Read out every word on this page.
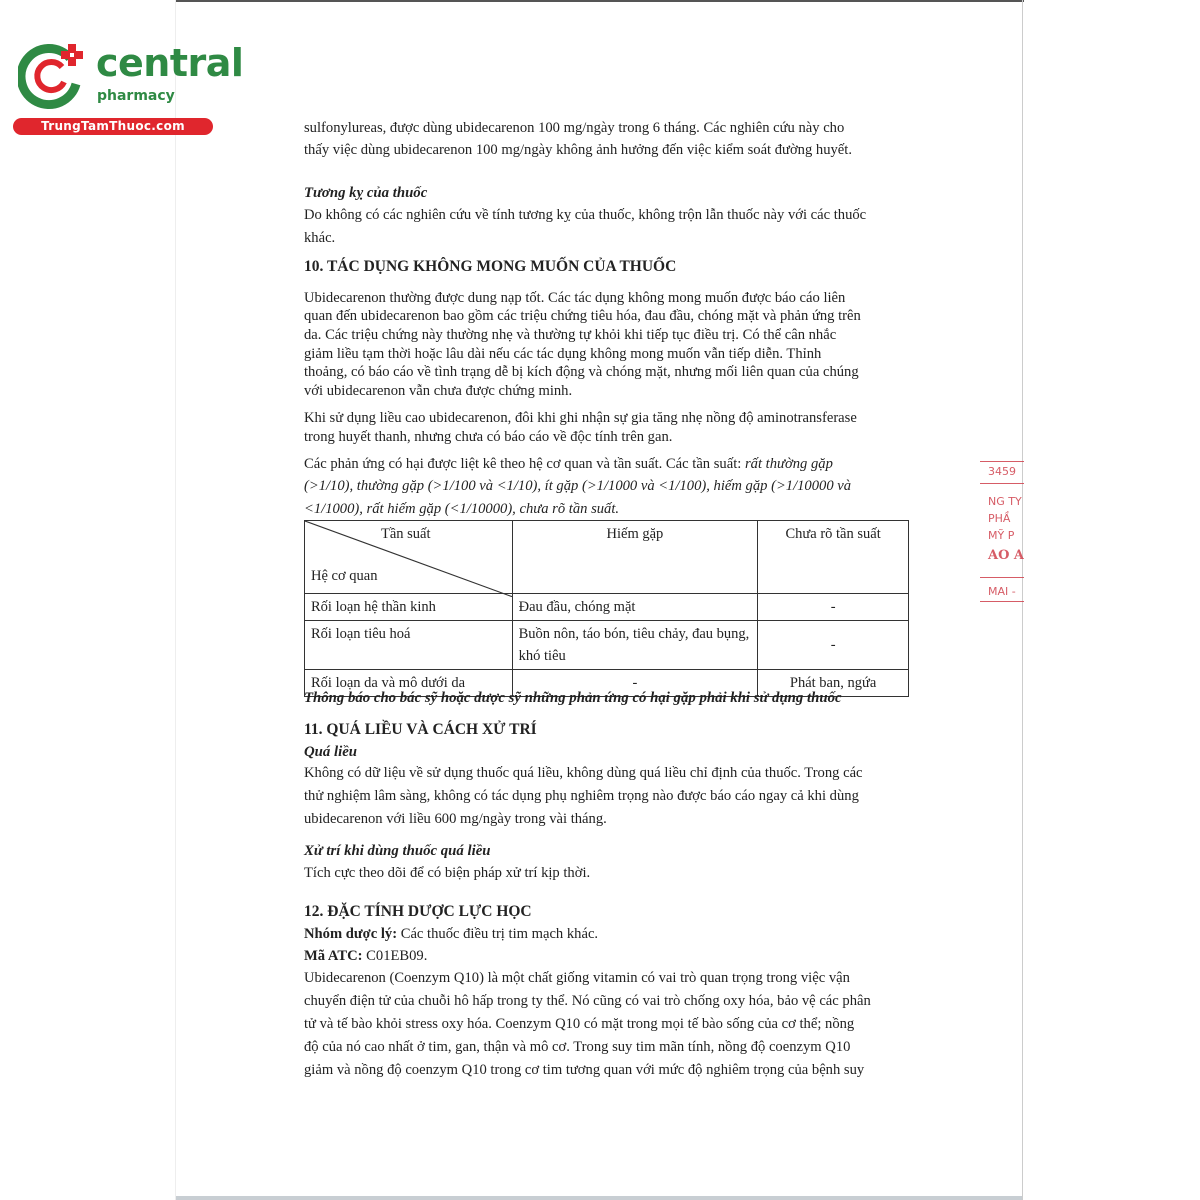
central
pharmacy
TrungTamThuoc.com
3459
NG TY
PHẦ
MỸ P
AO A
MAI -
sulfonylureas, được dùng ubidecarenon 100 mg/ngày trong 6 tháng. Các nghiên cứu này cho
thấy việc dùng ubidecarenon 100 mg/ngày không ảnh hưởng đến việc kiểm soát đường huyết.
Tương kỵ của thuốc
Do không có các nghiên cứu về tính tương kỵ của thuốc, không trộn lẫn thuốc này với các thuốc
khác.
10. TÁC DỤNG KHÔNG MONG MUỐN CỦA THUỐC
Ubidecarenon thường được dung nạp tốt. Các tác dụng không mong muốn được báo cáo liên
quan đến ubidecarenon bao gồm các triệu chứng tiêu hóa, đau đầu, chóng mặt và phản ứng trên
da. Các triệu chứng này thường nhẹ và thường tự khỏi khi tiếp tục điều trị. Có thể cân nhắc
giảm liều tạm thời hoặc lâu dài nếu các tác dụng không mong muốn vẫn tiếp diễn. Thỉnh
thoảng, có báo cáo về tình trạng dễ bị kích động và chóng mặt, nhưng mối liên quan của chúng
với ubidecarenon vẫn chưa được chứng minh.
Khi sử dụng liều cao ubidecarenon, đôi khi ghi nhận sự gia tăng nhẹ nồng độ aminotransferase
trong huyết thanh, nhưng chưa có báo cáo về độc tính trên gan.
Các phản ứng có hại được liệt kê theo hệ cơ quan và tần suất. Các tần suất: rất thường gặp
(>1/10), thường gặp (>1/100 và <1/10), ít gặp (>1/1000 và <1/100), hiếm gặp (>1/10000 và
<1/1000), rất hiếm gặp (<1/10000), chưa rõ tần suất.
Tần suất
Hệ cơ quan	Hiếm gặp	Chưa rõ tần suất
Rối loạn hệ thần kinh	Đau đầu, chóng mặt	-
Rối loạn tiêu hoá	Buồn nôn, táo bón, tiêu chảy, đau bụng, khó tiêu	-
Rối loạn da và mô dưới da	-	Phát ban, ngứa
Thông báo cho bác sỹ hoặc dược sỹ những phản ứng có hại gặp phải khi sử dụng thuốc
11. QUÁ LIỀU VÀ CÁCH XỬ TRÍ
Quá liều
Không có dữ liệu về sử dụng thuốc quá liều, không dùng quá liều chỉ định của thuốc. Trong các
thử nghiệm lâm sàng, không có tác dụng phụ nghiêm trọng nào được báo cáo ngay cả khi dùng
ubidecarenon với liều 600 mg/ngày trong vài tháng.
Xử trí khi dùng thuốc quá liều
Tích cực theo dõi để có biện pháp xử trí kịp thời.
12. ĐẶC TÍNH DƯỢC LỰC HỌC
Nhóm dược lý: Các thuốc điều trị tim mạch khác.
Mã ATC: C01EB09.
Ubidecarenon (Coenzym Q10) là một chất giống vitamin có vai trò quan trọng trong việc vận
chuyển điện tử của chuỗi hô hấp trong ty thể. Nó cũng có vai trò chống oxy hóa, bảo vệ các phân
tử và tế bào khỏi stress oxy hóa. Coenzym Q10 có mặt trong mọi tế bào sống của cơ thể; nồng
độ của nó cao nhất ở tim, gan, thận và mô cơ. Trong suy tim mãn tính, nồng độ coenzym Q10
giảm và nồng độ coenzym Q10 trong cơ tim tương quan với mức độ nghiêm trọng của bệnh suy
